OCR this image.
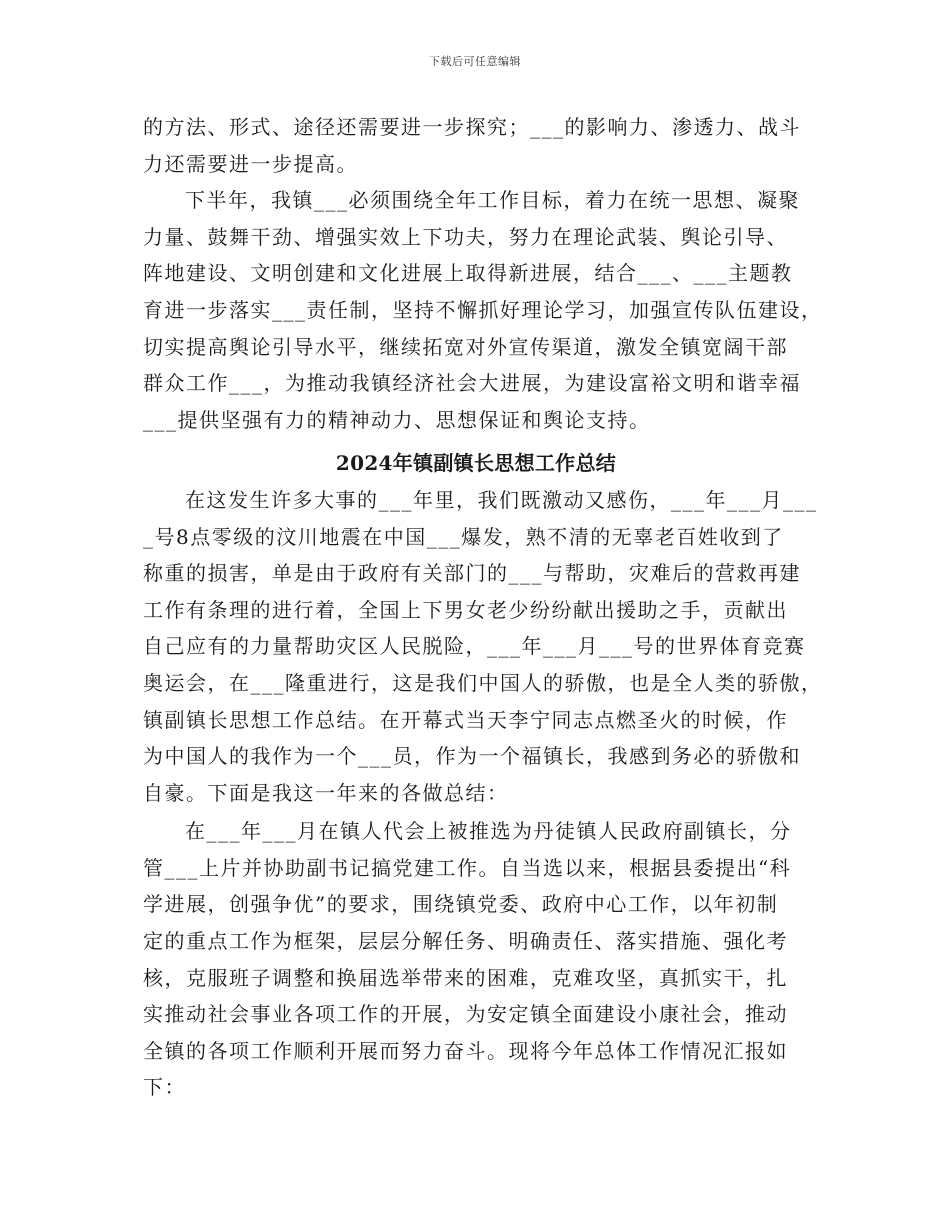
下载后可任意编辑
的方法、形式、途径还需要进一步探究；___的影响力、渗透力、战斗
力还需要进一步提高。
下半年，我镇___必须围绕全年工作目标，着力在统一思想、凝聚
力量、鼓舞干劲、增强实效上下功夫，努力在理论武装、舆论引导、
阵地建设、文明创建和文化进展上取得新进展，结合___、___主题教
育进一步落实___责任制，坚持不懈抓好理论学习，加强宣传队伍建设，
切实提高舆论引导水平，继续拓宽对外宣传渠道，激发全镇宽阔干部
群众工作___，为推动我镇经济社会大进展，为建设富裕文明和谐幸福
___提供坚强有力的精神动力、思想保证和舆论支持。
2024年镇副镇长思想工作总结
在这发生许多大事的___年里，我们既激动又感伤，___年___月___
_号8点零级的汶川地震在中国___爆发，熟不清的无辜老百姓收到了
称重的损害，单是由于政府有关部门的___与帮助，灾难后的营救再建
工作有条理的进行着，全国上下男女老少纷纷献出援助之手，贡献出
自己应有的力量帮助灾区人民脱险，___年___月___号的世界体育竞赛
奥运会，在___隆重进行，这是我们中国人的骄傲，也是全人类的骄傲，
镇副镇长思想工作总结。在开幕式当天李宁同志点燃圣火的时候，作
为中国人的我作为一个___员，作为一个福镇长，我感到务必的骄傲和
自豪。下面是我这一年来的各做总结：
在___年___月在镇人代会上被推选为丹徒镇人民政府副镇长，分
管___上片并协助副书记搞党建工作。自当选以来，根据县委提出“科
学进展，创强争优”的要求，围绕镇党委、政府中心工作，以年初制
定的重点工作为框架，层层分解任务、明确责任、落实措施、强化考
核，克服班子调整和换届选举带来的困难，克难攻坚，真抓实干，扎
实推动社会事业各项工作的开展，为安定镇全面建设小康社会，推动
全镇的各项工作顺利开展而努力奋斗。现将今年总体工作情况汇报如
下：
